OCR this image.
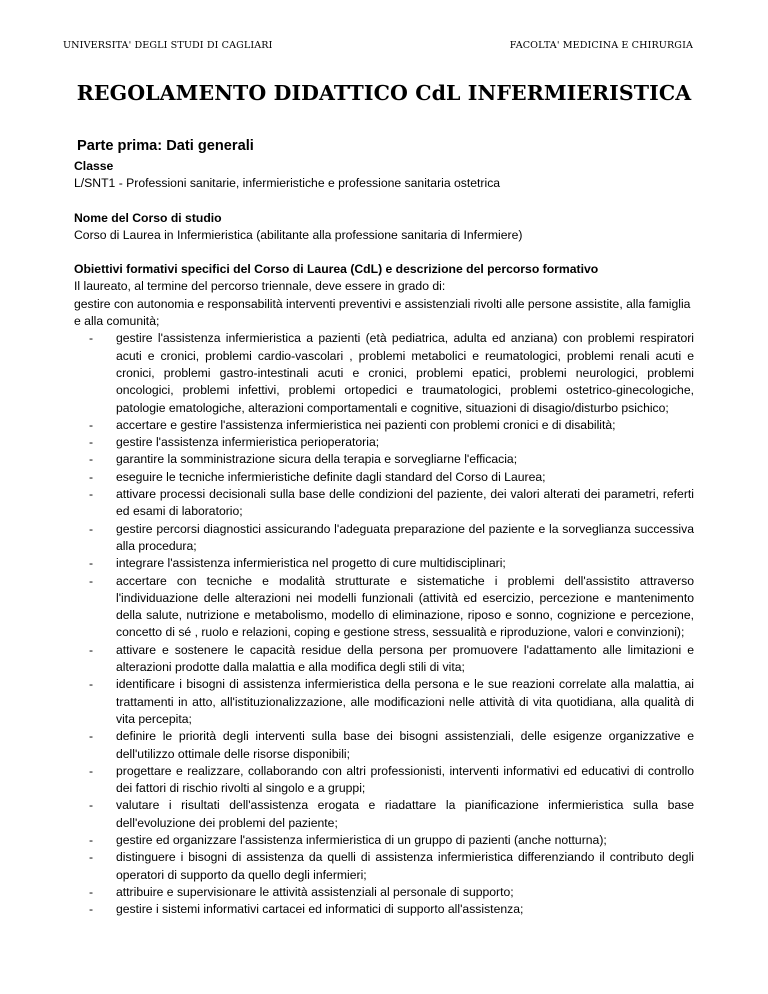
UNIVERSITA' DEGLI STUDI DI CAGLIARI	FACOLTA' MEDICINA E CHIRURGIA
REGOLAMENTO DIDATTICO CdL INFERMIERISTICA
Parte prima: Dati generali
Classe
L/SNT1 - Professioni sanitarie, infermieristiche e professione sanitaria ostetrica
Nome del Corso di studio
Corso di Laurea in Infermieristica (abilitante alla professione sanitaria di Infermiere)
Obiettivi formativi specifici del Corso di Laurea (CdL) e descrizione del percorso formativo
Il laureato, al termine del percorso triennale, deve essere in grado di:
gestire con autonomia e responsabilità interventi preventivi e assistenziali rivolti alle persone assistite, alla famiglia e alla comunità;
- gestire l'assistenza infermieristica a pazienti (età pediatrica, adulta ed anziana) con problemi respiratori acuti e cronici, problemi cardio-vascolari , problemi metabolici e reumatologici, problemi renali acuti e cronici, problemi gastro-intestinali acuti e cronici, problemi epatici, problemi neurologici, problemi oncologici, problemi infettivi, problemi ortopedici e traumatologici, problemi ostetrico-ginecologiche, patologie ematologiche, alterazioni comportamentali e cognitive, situazioni di disagio/disturbo psichico;
- accertare e gestire l'assistenza infermieristica nei pazienti con problemi cronici e di disabilità;
- gestire l'assistenza infermieristica perioperatoria;
- garantire la somministrazione sicura della terapia e sorvegliarne l'efficacia;
- eseguire le tecniche infermieristiche definite dagli standard del Corso di Laurea;
- attivare processi decisionali sulla base delle condizioni del paziente, dei valori alterati dei parametri, referti ed esami di laboratorio;
- gestire percorsi diagnostici assicurando l'adeguata preparazione del paziente e la sorveglianza successiva alla procedura;
- integrare l'assistenza infermieristica nel progetto di cure multidisciplinari;
- accertare con tecniche e modalità strutturate e sistematiche i problemi dell'assistito attraverso l'individuazione delle alterazioni nei modelli funzionali (attività ed esercizio, percezione e mantenimento della salute, nutrizione e metabolismo, modello di eliminazione, riposo e sonno, cognizione e percezione, concetto di sé , ruolo e relazioni, coping e gestione stress, sessualità e riproduzione, valori e convinzioni);
- attivare e sostenere le capacità residue della persona per promuovere l'adattamento alle limitazioni e alterazioni prodotte dalla malattia e alla modifica degli stili di vita;
- identificare i bisogni di assistenza infermieristica della persona e le sue reazioni correlate alla malattia, ai trattamenti in atto, all'istituzionalizzazione, alle modificazioni nelle attività di vita quotidiana, alla qualità di vita percepita;
- definire le priorità degli interventi sulla base dei bisogni assistenziali, delle esigenze organizzative e dell'utilizzo ottimale delle risorse disponibili;
- progettare e realizzare, collaborando con altri professionisti, interventi informativi ed educativi di controllo dei fattori di rischio rivolti al singolo e a gruppi;
- valutare i risultati dell'assistenza erogata e riadattare la pianificazione infermieristica sulla base dell'evoluzione dei problemi del paziente;
- gestire ed organizzare l'assistenza infermieristica di un gruppo di pazienti (anche notturna);
- distinguere i bisogni di assistenza da quelli di assistenza infermieristica differenziando il contributo degli operatori di supporto da quello degli infermieri;
- attribuire e supervisionare le attività assistenziali al personale di supporto;
- gestire i sistemi informativi cartacei ed informatici di supporto all'assistenza;
